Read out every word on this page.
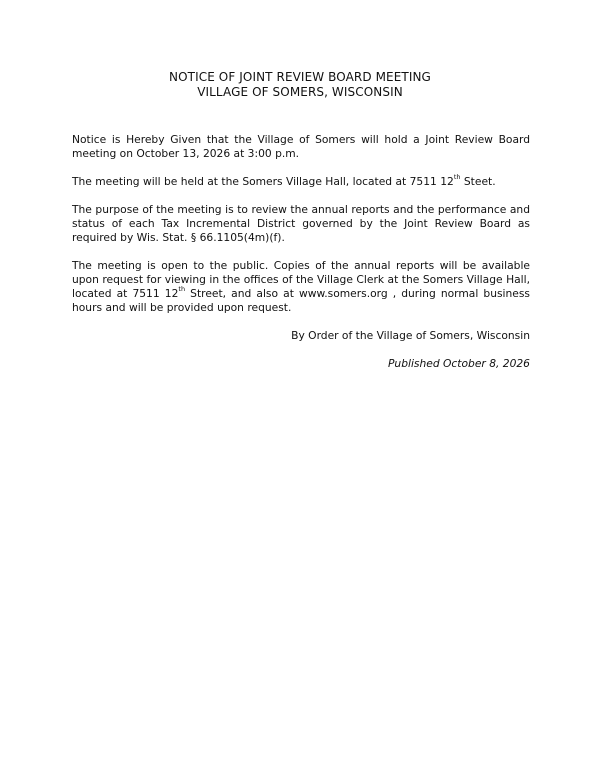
NOTICE OF JOINT REVIEW BOARD MEETING
VILLAGE OF SOMERS, WISCONSIN

Notice is Hereby Given that the Village of Somers will hold a Joint Review Board meeting on October 13, 2026 at 3:00 p.m.

The meeting will be held at the Somers Village Hall, located at 7511 12th Steet.

The purpose of the meeting is to review the annual reports and the performance and status of each Tax Incremental District governed by the Joint Review Board as required by Wis. Stat. § 66.1105(4m)(f).

The meeting is open to the public. Copies of the annual reports will be available upon request for viewing in the offices of the Village Clerk at the Somers Village Hall, located at 7511 12th Street, and also at www.somers.org , during normal business hours and will be provided upon request.

By Order of the Village of Somers, Wisconsin

Published October 8, 2026
